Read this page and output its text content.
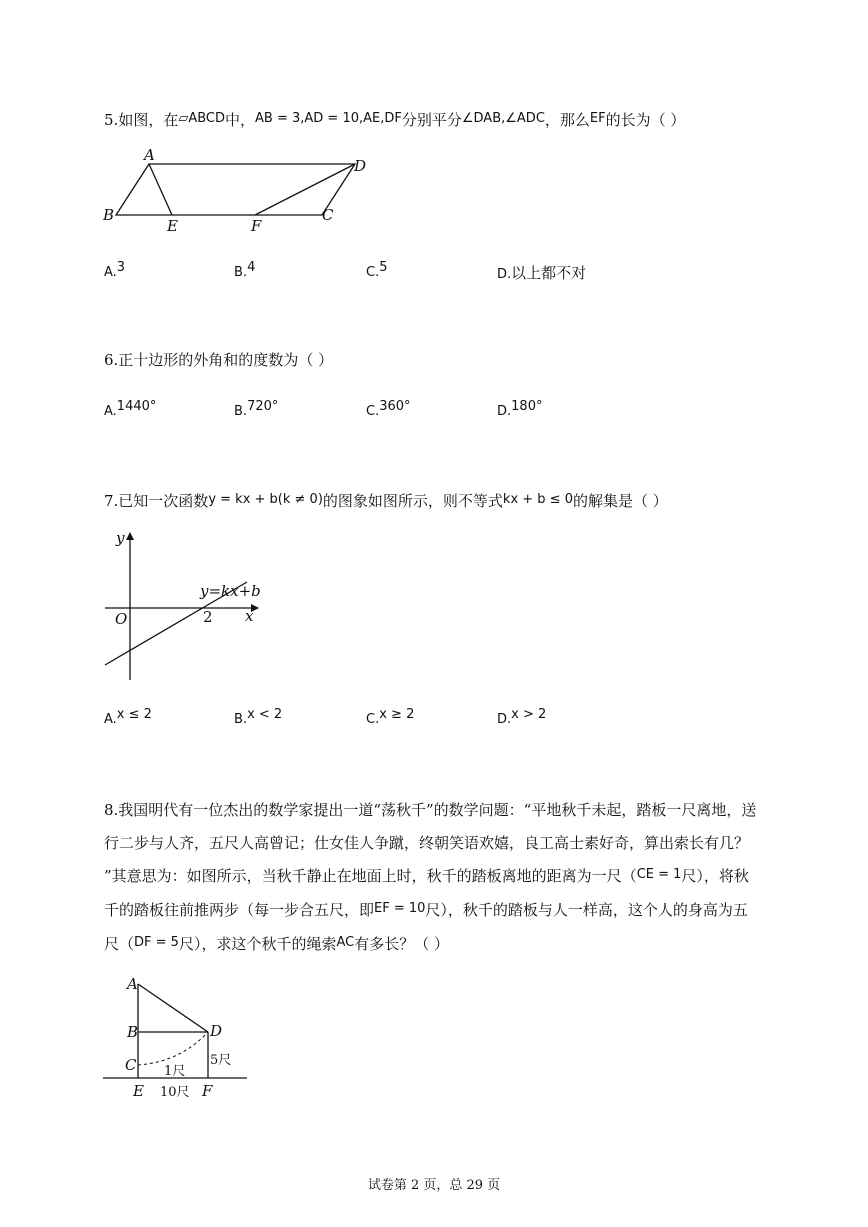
5.如图，在▱ABCD中，AB = 3,AD = 10,AE,DF分别平分∠DAB,∠ADC，那么EF的长为（ ）
A
D
B	C
E	F
A.3	B.4	C.5	D.以上都不对
6.正十边形的外角和的度数为（ ）
A.1440°	B.720°	C.360°	D.180°
7.已知一次函数y = kx + b(k ≠ 0)的图象如图所示，则不等式kx + b ≤ 0的解集是（ ）
y
x
O	2
y=kx+b
A.x ≤ 2	B.x < 2	C.x ≥ 2	D.x > 2
8.我国明代有一位杰出的数学家提出一道“荡秋千”的数学问题：“平地秋千未起，踏板一尺离地，送
行二步与人齐，五尺人高曾记；仕女佳人争蹴，终朝笑语欢嬉，良工高士素好奇，算出索长有几？
”其意思为：如图所示，当秋千静止在地面上时，秋千的踏板离地的距离为一尺（CE = 1尺），将秋
千的踏板往前推两步（每一步合五尺，即EF = 10尺），秋千的踏板与人一样高，这个人的身高为五
尺（DF = 5尺），求这个秋千的绳索AC有多长？（ ）
A
B
C
D
E	F
1尺
5尺
10尺
试卷第 2 页，总 29 页
